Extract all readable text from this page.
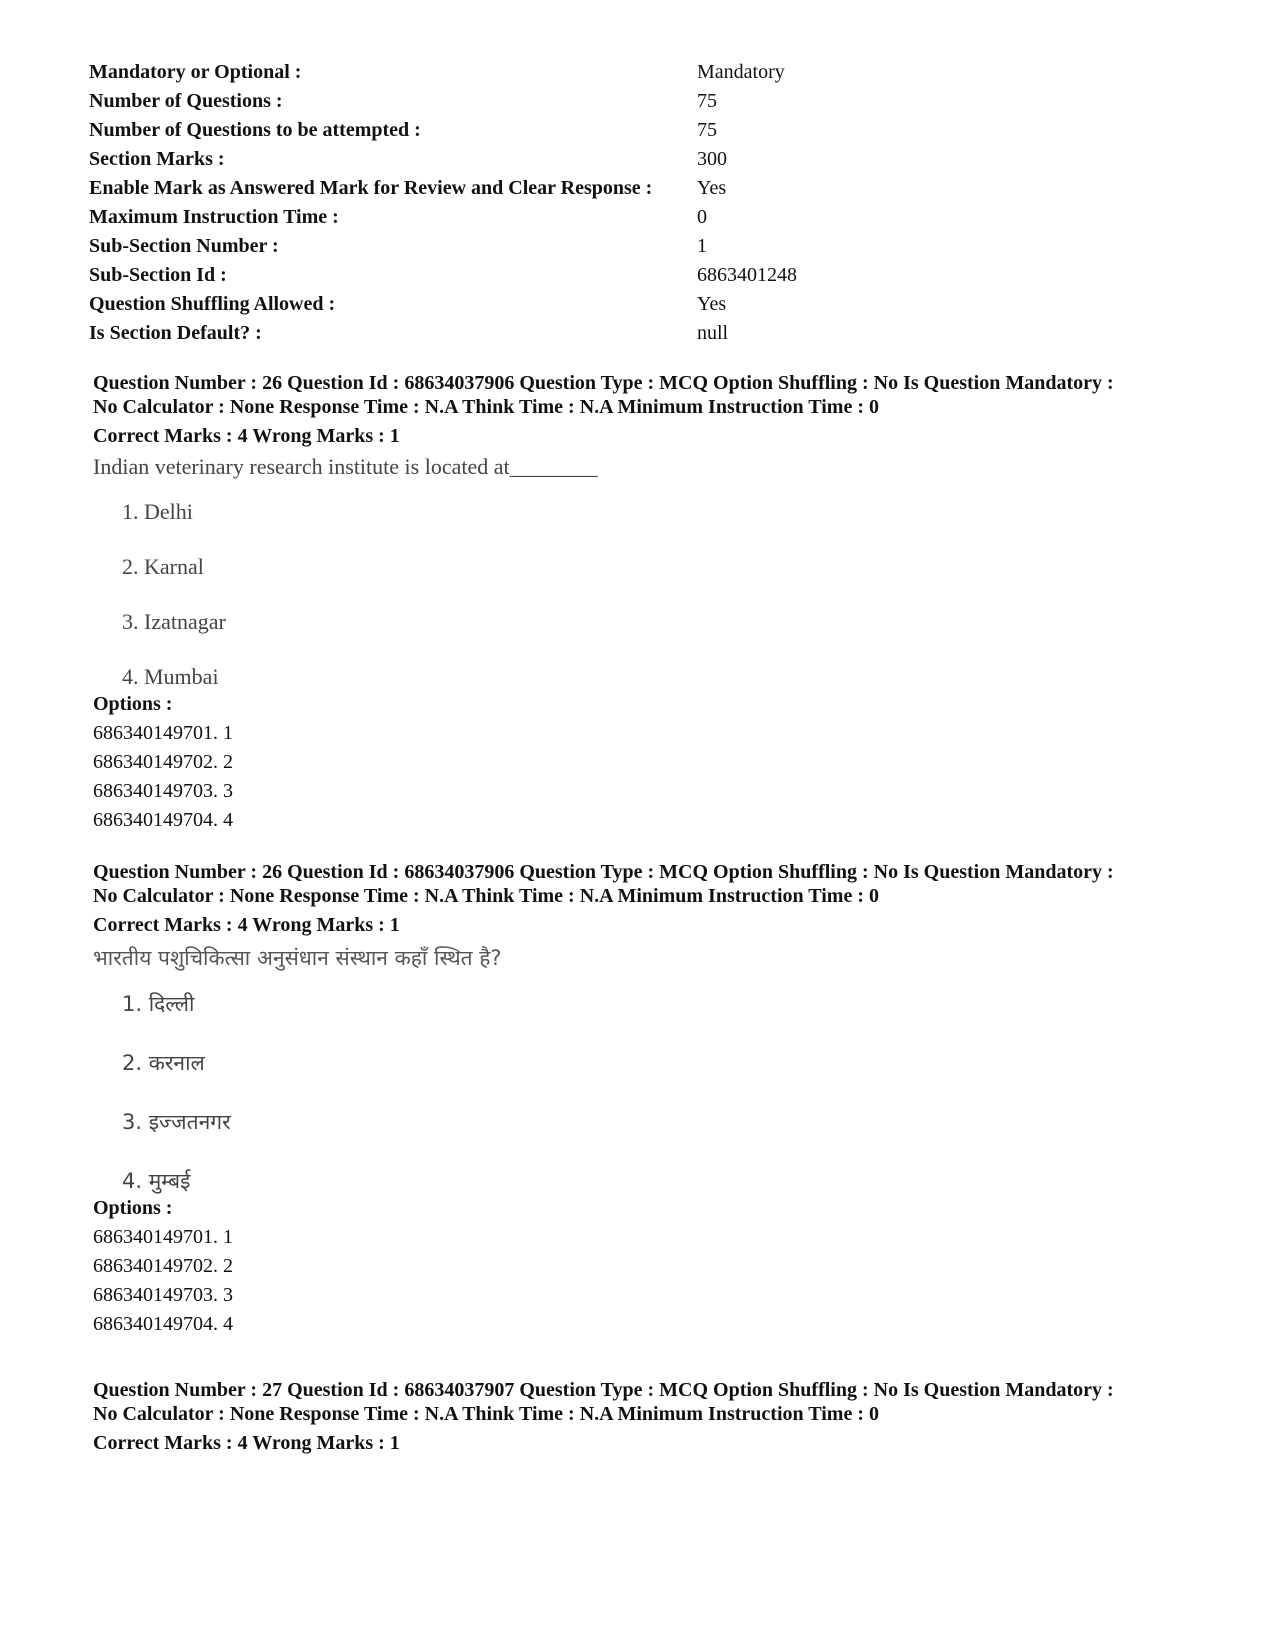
Mandatory or Optional :	Mandatory
Number of Questions :	75
Number of Questions to be attempted :	75
Section Marks :	300
Enable Mark as Answered Mark for Review and Clear Response :	Yes
Maximum Instruction Time :	0
Sub-Section Number :	1
Sub-Section Id :	6863401248
Question Shuffling Allowed :	Yes
Is Section Default? :	null
Question Number : 26 Question Id : 68634037906 Question Type : MCQ Option Shuffling : No Is Question Mandatory :
No Calculator : None Response Time : N.A Think Time : N.A Minimum Instruction Time : 0
Correct Marks : 4 Wrong Marks : 1
Indian veterinary research institute is located at________
1. Delhi
2. Karnal
3. Izatnagar
4. Mumbai
Options :
686340149701. 1
686340149702. 2
686340149703. 3
686340149704. 4
Question Number : 26 Question Id : 68634037906 Question Type : MCQ Option Shuffling : No Is Question Mandatory :
No Calculator : None Response Time : N.A Think Time : N.A Minimum Instruction Time : 0
Correct Marks : 4 Wrong Marks : 1
भारतीय पशुचिकित्सा अनुसंधान संस्थान कहाँ स्थित है?
1. दिल्ली
2. करनाल
3. इज्जतनगर
4. मुम्बई
Options :
686340149701. 1
686340149702. 2
686340149703. 3
686340149704. 4
Question Number : 27 Question Id : 68634037907 Question Type : MCQ Option Shuffling : No Is Question Mandatory :
No Calculator : None Response Time : N.A Think Time : N.A Minimum Instruction Time : 0
Correct Marks : 4 Wrong Marks : 1
